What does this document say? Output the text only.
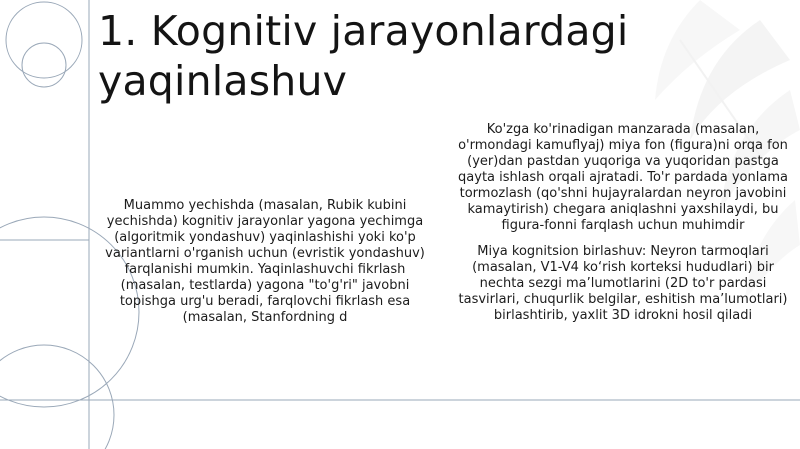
1. Kognitiv jarayonlardagi yaqinlashuv

Muammo yechishda (masalan, Rubik kubini yechishda) kognitiv jarayonlar yagona yechimga (algoritmik yondashuv) yaqinlashishi yoki ko'p variantlarni o'rganish uchun (evristik yondashuv) farqlanishi mumkin. Yaqinlashuvchi fikrlash (masalan, testlarda) yagona "to'g'ri" javobni topishga urg'u beradi, farqlovchi fikrlash esa (masalan, Stanfordning d

Ko'zga ko'rinadigan manzarada (masalan, o'rmondagi kamuflyaj) miya fon (figura)ni orqa fon (yer)dan pastdan yuqoriga va yuqoridan pastga qayta ishlash orqali ajratadi. To'r pardada yonlama tormozlash (qo'shni hujayralardan neyron javobini kamaytirish) chegara aniqlashni yaxshilaydi, bu figura-fonni farqlash uchun muhimdir

Miya kognitsion birlashuv: Neyron tarmoqlari (masalan, V1-V4 ko‘rish korteksi hududlari) bir nechta sezgi ma’lumotlarini (2D to'r pardasi tasvirlari, chuqurlik belgilar, eshitish ma’lumotlari) birlashtirib, yaxlit 3D idrokni hosil qiladi
